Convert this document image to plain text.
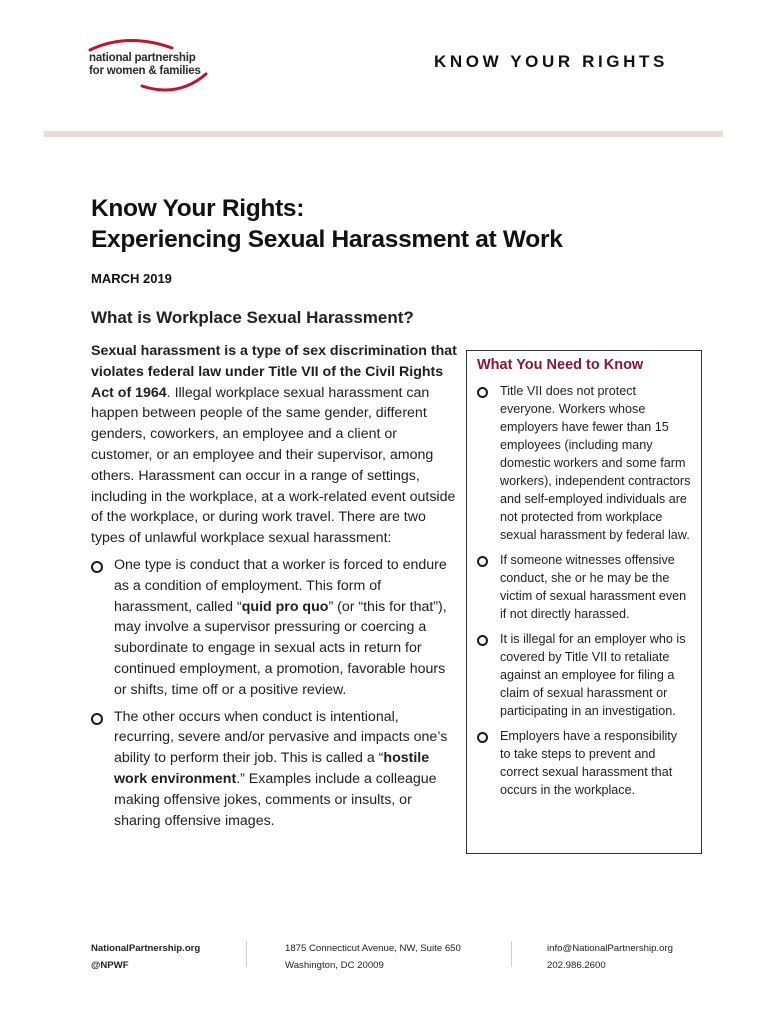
national partnership
for women & families	KNOW YOUR RIGHTS
Know Your Rights:
Experiencing Sexual Harassment at Work
MARCH 2019
What is Workplace Sexual Harassment?

Sexual harassment is a type of sex discrimination that violates federal law under Title VII of the Civil Rights Act of 1964. Illegal workplace sexual harassment can happen between people of the same gender, different genders, coworkers, an employee and a client or customer, or an employee and their supervisor, among others. Harassment can occur in a range of settings, including in the workplace, at a work-related event outside of the workplace, or during work travel. There are two types of unlawful workplace sexual harassment:

One type is conduct that a worker is forced to endure as a condition of employment. This form of harassment, called “quid pro quo” (or “this for that”), may involve a supervisor pressuring or coercing a subordinate to engage in sexual acts in return for continued employment, a promotion, favorable hours or shifts, time off or a positive review.
The other occurs when conduct is intentional, recurring, severe and/or pervasive and impacts one’s ability to perform their job. This is called a “hostile work environment.” Examples include a colleague making offensive jokes, comments or insults, or sharing offensive images.
What You Need to Know
Title VII does not protect everyone. Workers whose employers have fewer than 15 employees (including many domestic workers and some farm workers), independent contractors and self-employed individuals are not protected from workplace sexual harassment by federal law.
If someone witnesses offensive conduct, she or he may be the victim of sexual harassment even if not directly harassed.
It is illegal for an employer who is covered by Title VII to retaliate against an employee for filing a claim of sexual harassment or participating in an investigation.
Employers have a responsibility to take steps to prevent and correct sexual harassment that occurs in the workplace.
NationalPartnership.org
@NPWF
1875 Connecticut Avenue, NW, Suite 650
Washington, DC 20009
info@NationalPartnership.org
202.986.2600
